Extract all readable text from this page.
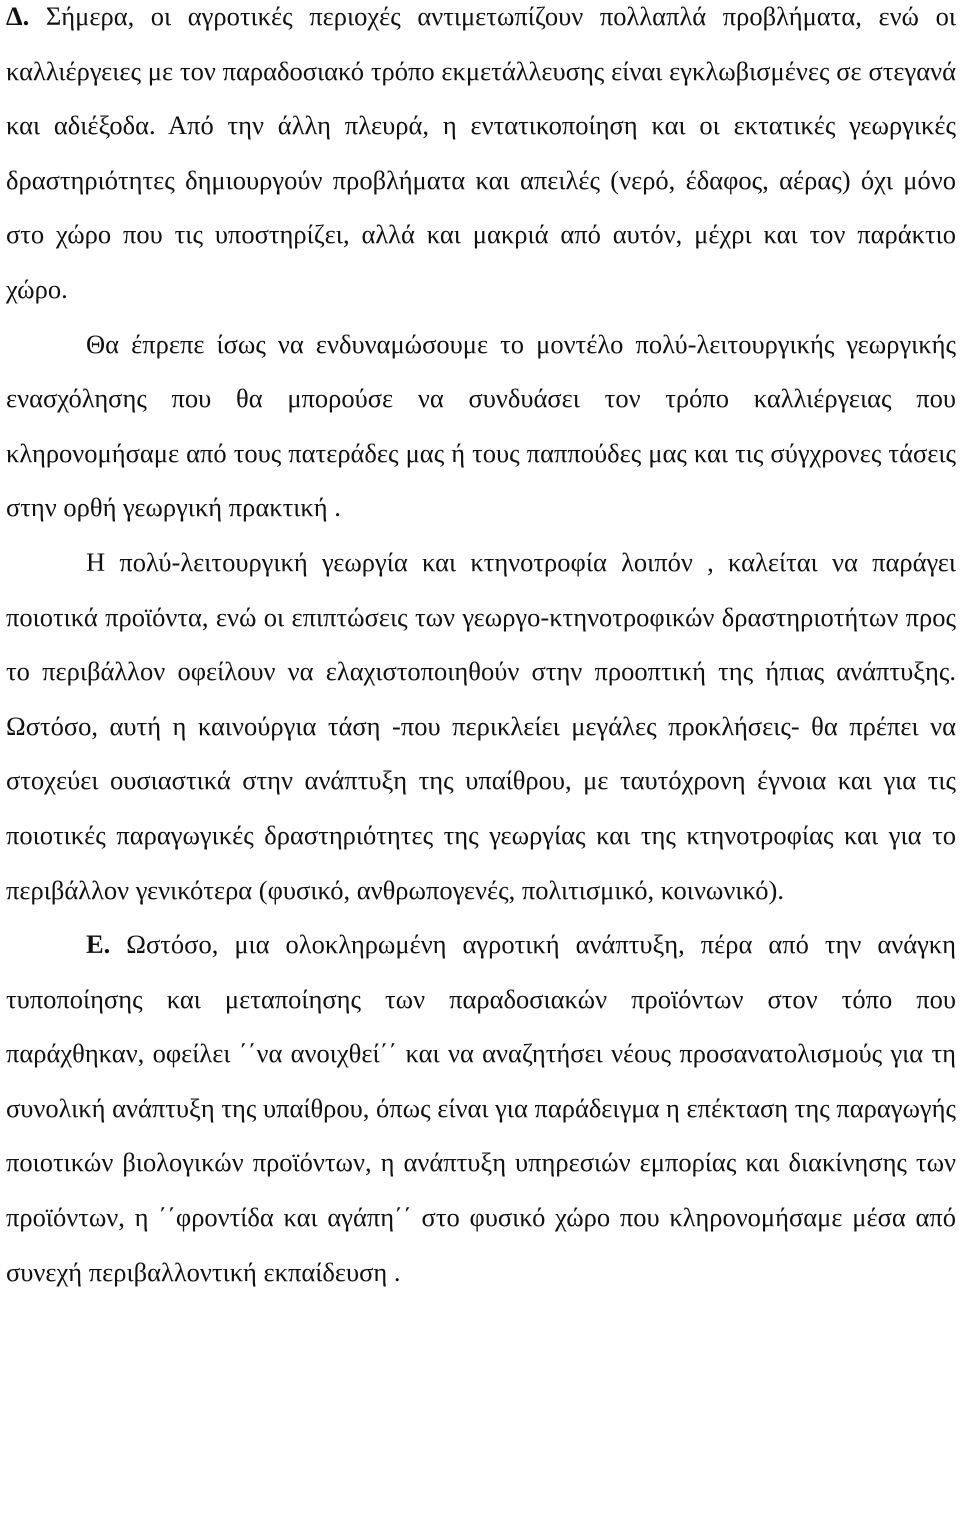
Δ. Σήμερα, οι αγροτικές περιοχές αντιμετωπίζουν πολλαπλά προβλήματα, ενώ οι καλλιέργειες με τον παραδοσιακό τρόπο εκμετάλλευσης είναι εγκλωβισμένες σε στεγανά και αδιέξοδα. Από την άλλη πλευρά, η εντατικοποίηση και οι εκτατικές γεωργικές δραστηριότητες δημιουργούν προβλήματα και απειλές (νερό, έδαφος, αέρας) όχι μόνο στο χώρο που τις υποστηρίζει, αλλά και μακριά από αυτόν, μέχρι και τον παράκτιο χώρο.

Θα έπρεπε ίσως να ενδυναμώσουμε το μοντέλο πολύ-λειτουργικής γεωργικής ενασχόλησης που θα μπορούσε να συνδυάσει τον τρόπο καλλιέργειας που κληρονομήσαμε από τους πατεράδες μας ή τους παππούδες μας και τις σύγχρονες τάσεις στην ορθή γεωργική πρακτική .

Η πολύ-λειτουργική γεωργία και κτηνοτροφία λοιπόν , καλείται να παράγει ποιοτικά προϊόντα, ενώ οι επιπτώσεις των γεωργο-κτηνοτροφικών δραστηριοτήτων προς το περιβάλλον οφείλουν να ελαχιστοποιηθούν στην προοπτική της ήπιας ανάπτυξης. Ωστόσο, αυτή η καινούργια τάση -που περικλείει μεγάλες προκλήσεις- θα πρέπει να στοχεύει ουσιαστικά στην ανάπτυξη της υπαίθρου, με ταυτόχρονη έγνοια και για τις ποιοτικές παραγωγικές δραστηριότητες της γεωργίας και της κτηνοτροφίας και για το περιβάλλον γενικότερα (φυσικό, ανθρωπογενές, πολιτισμικό, κοινωνικό).

Ε. Ωστόσο, μια ολοκληρωμένη αγροτική ανάπτυξη, πέρα από την ανάγκη τυποποίησης και μεταποίησης των παραδοσιακών προϊόντων στον τόπο που παράχθηκαν, οφείλει ΄΄να ανοιχθεί΄΄ και να αναζητήσει νέους προσανατολισμούς για τη συνολική ανάπτυξη της υπαίθρου, όπως είναι για παράδειγμα η επέκταση της παραγωγής ποιοτικών βιολογικών προϊόντων, η ανάπτυξη υπηρεσιών εμπορίας και διακίνησης των προϊόντων, η ΄΄φροντίδα και αγάπη΄΄ στο φυσικό χώρο που κληρονομήσαμε μέσα από συνεχή περιβαλλοντική εκπαίδευση .
